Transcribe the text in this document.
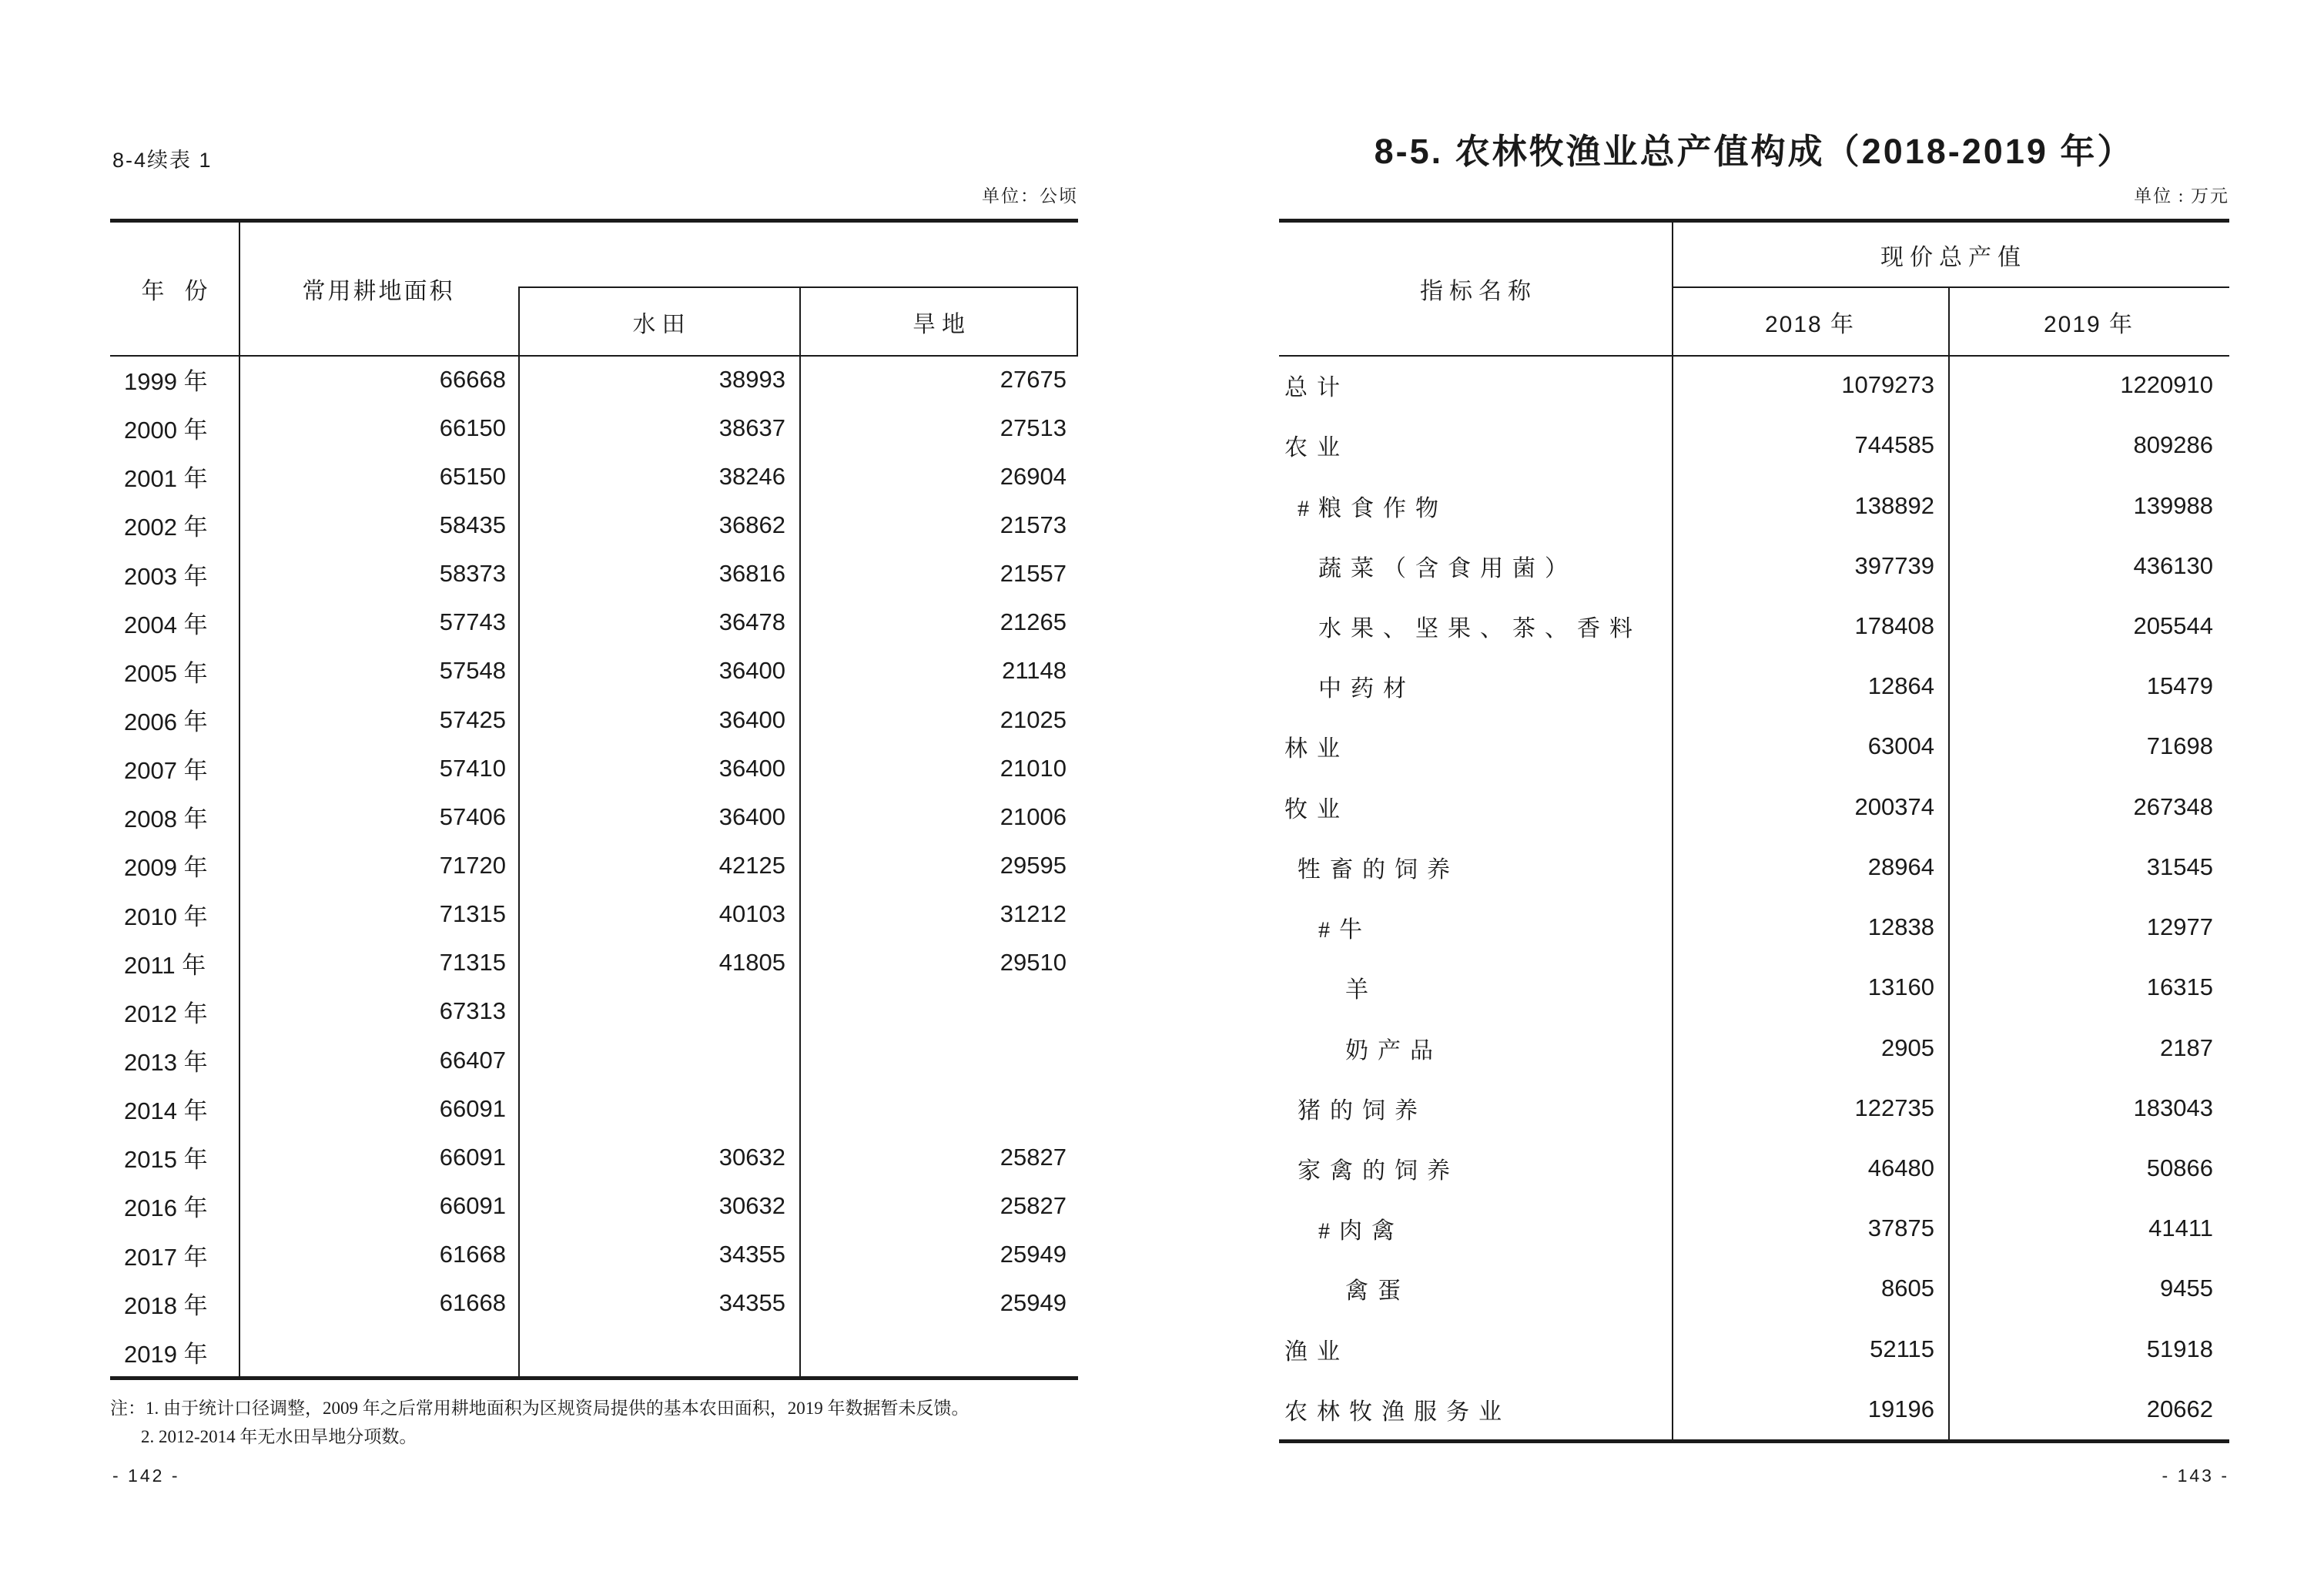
8-4续表 1
单位：公顷
年份	常用耕地面积
水田	旱地
1999 年	66668	38993	27675
2000 年	66150	38637	27513
2001 年	65150	38246	26904
2002 年	58435	36862	21573
2003 年	58373	36816	21557
2004 年	57743	36478	21265
2005 年	57548	36400	21148
2006 年	57425	36400	21025
2007 年	57410	36400	21010
2008 年	57406	36400	21006
2009 年	71720	42125	29595
2010 年	71315	40103	31212
2011 年	71315	41805	29510
2012 年	67313
2013 年	66407
2014 年	66091
2015 年	66091	30632	25827
2016 年	66091	30632	25827
2017 年	61668	34355	25949
2018 年	61668	34355	25949
2019 年
注：1. 由于统计口径调整，2009 年之后常用耕地面积为区规资局提供的基本农田面积，2019 年数据暂未反馈。
2. 2012-2014 年无水田旱地分项数。
- 142 -
8-5. 农林牧渔业总产值构成（2018-2019 年）
单位 : 万元
指标名称
现价总产值
2018 年	2019 年
总计	1079273	1220910
农业	744585	809286
#粮食作物	138892	139988
蔬菜（含食用菌）	397739	436130
水果、坚果、茶、香料	178408	205544
中药材	12864	15479
林业	63004	71698
牧业	200374	267348
牲畜的饲养	28964	31545
#牛	12838	12977
羊	13160	16315
奶产品	2905	2187
猪的饲养	122735	183043
家禽的饲养	46480	50866
#肉禽	37875	41411
禽蛋	8605	9455
渔业	52115	51918
农林牧渔服务业	19196	20662
- 143 -
